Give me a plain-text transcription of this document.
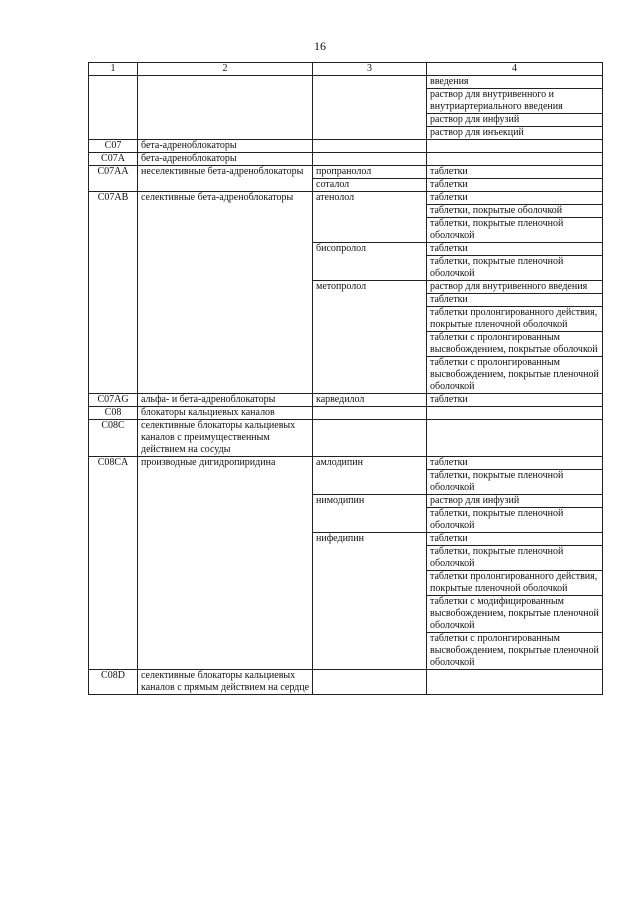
16
1	2	3	4

			введения
раствор для внутривенного и внутриартериального введения
раствор для инфузий
раствор для инъекций

C07	бета-адреноблокаторы		

C07A	бета-адреноблокаторы		

C07AA	неселективные бета-адреноблокаторы	пропранолол	таблетки

		соталол	таблетки

C07AB	селективные бета-адреноблокаторы	атенолол	таблетки
таблетки, покрытые оболочкой
таблетки, покрытые пленочной оболочкой

		бисопролол	таблетки
таблетки, покрытые пленочной оболочкой

		метопролол	раствор для внутривенного введения
таблетки
таблетки пролонгированного действия, покрытые пленочной оболочкой
таблетки с пролонгированным высвобождением, покрытые оболочкой
таблетки с пролонгированным высвобождением, покрытые пленочной оболочкой

C07AG	альфа- и бета-адреноблокаторы	карведилол	таблетки

C08	блокаторы кальциевых каналов		

C08C	селективные блокаторы кальциевых каналов с преимущественным действием на сосуды		

C08CA	производные дигидропиридина	амлодипин	таблетки
таблетки, покрытые пленочной оболочкой

		нимодипин	раствор для инфузий
таблетки, покрытые пленочной оболочкой

		нифедипин	таблетки
таблетки, покрытые пленочной оболочкой
таблетки пролонгированного действия, покрытые пленочной оболочкой
таблетки с модифицированным высвобождением, покрытые пленочной оболочкой
таблетки с пролонгированным высвобождением, покрытые пленочной оболочкой

C08D	селективные блокаторы кальциевых каналов с прямым действием на сердце		
